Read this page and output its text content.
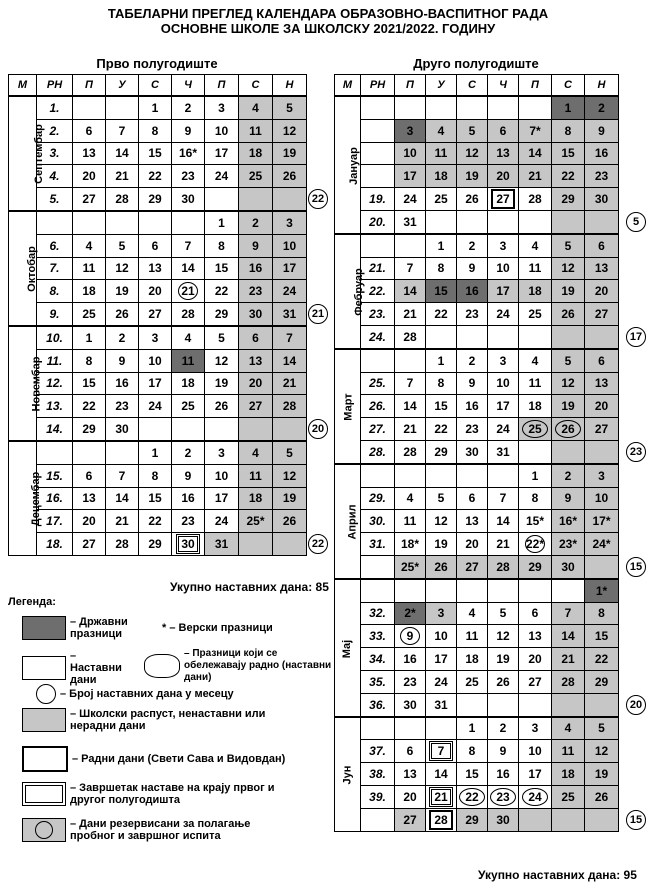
ТАБЕЛАРНИ ПРЕГЛЕД КАЛЕНДАРА ОБРАЗОВНО-ВАСПИТНОГ РАДА
ОСНОВНЕ ШКОЛЕ ЗА ШКОЛСКУ 2021/2022. ГОДИНУ
Прво полугодиште	Друго полугодиште
М	РН	П	У	С	Ч	П	С	Н
Септембар	1.			1	2	3	4	5
	2.	6	7	8	9	10	11	12
	3.	13	14	15	16*	17	18	19
	4.	20	21	22	23	24	25	26
	5.	27	28	29	30			
Октобар						1	2	3
	6.	4	5	6	7	8	9	10
	7.	11	12	13	14	15	16	17
	8.	18	19	20	21	22	23	24
	9.	25	26	27	28	29	30	31
Новембар	10.	1	2	3	4	5	6	7
	11.	8	9	10	11	12	13	14
	12.	15	16	17	18	19	20	21
	13.	22	23	24	25	26	27	28
	14.	29	30					
Децембар				1	2	3	4	5
	15.	6	7	8	9	10	11	12
	16.	13	14	15	16	17	18	19
	17.	20	21	22	23	24	25*	26
	18.	27	28	29	30	31		
М	РН	П	У	С	Ч	П	С	Н
Јануар							1	2
		3	4	5	6	7*	8	9
		10	11	12	13	14	15	16
		17	18	19	20	21	22	23
	19.	24	25	26	27	28	29	30
	20.	31						
Фебруар			1	2	3	4	5	6
	21.	7	8	9	10	11	12	13
	22.	14	15	16	17	18	19	20
	23.	21	22	23	24	25	26	27
	24.	28						
Март			1	2	3	4	5	6
	25.	7	8	9	10	11	12	13
	26.	14	15	16	17	18	19	20
	27.	21	22	23	24	25	26	27
	28.	28	29	30	31			
Април						1	2	3
	29.	4	5	6	7	8	9	10
	30.	11	12	13	14	15*	16*	17*
	31.	18*	19	20	21	22*	23*	24*
		25*	26	27	28	29	30	
Мај								1*
	32.	2*	3	4	5	6	7	8
	33.	9	10	11	12	13	14	15
	34.	16	17	18	19	20	21	22
	35.	23	24	25	26	27	28	29
	36.	30	31					
Јун				1	2	3	4	5
	37.	6	7	8	9	10	11	12
	38.	13	14	15	16	17	18	19
	39.	20	21	22	23	24	25	26
		27	28	29	30			
Укупно наставних дана: 85
Укупно наставних дана: 95
Легенда:
– Државни празници	* – Верски празници
– Наставни дани
– Празници који се обележавају радно (наставни дани)
– Број наставних дана у месецу
– Школски распуст, ненаставни или нерадни дани
– Радни дани (Свети Сава и Видовдан)
– Завршетак наставе на крају првог и другог полугодишта
– Дани резервисани за полагање пробног и завршног испита
22
21
20
22
5
17
23
15
20
15
